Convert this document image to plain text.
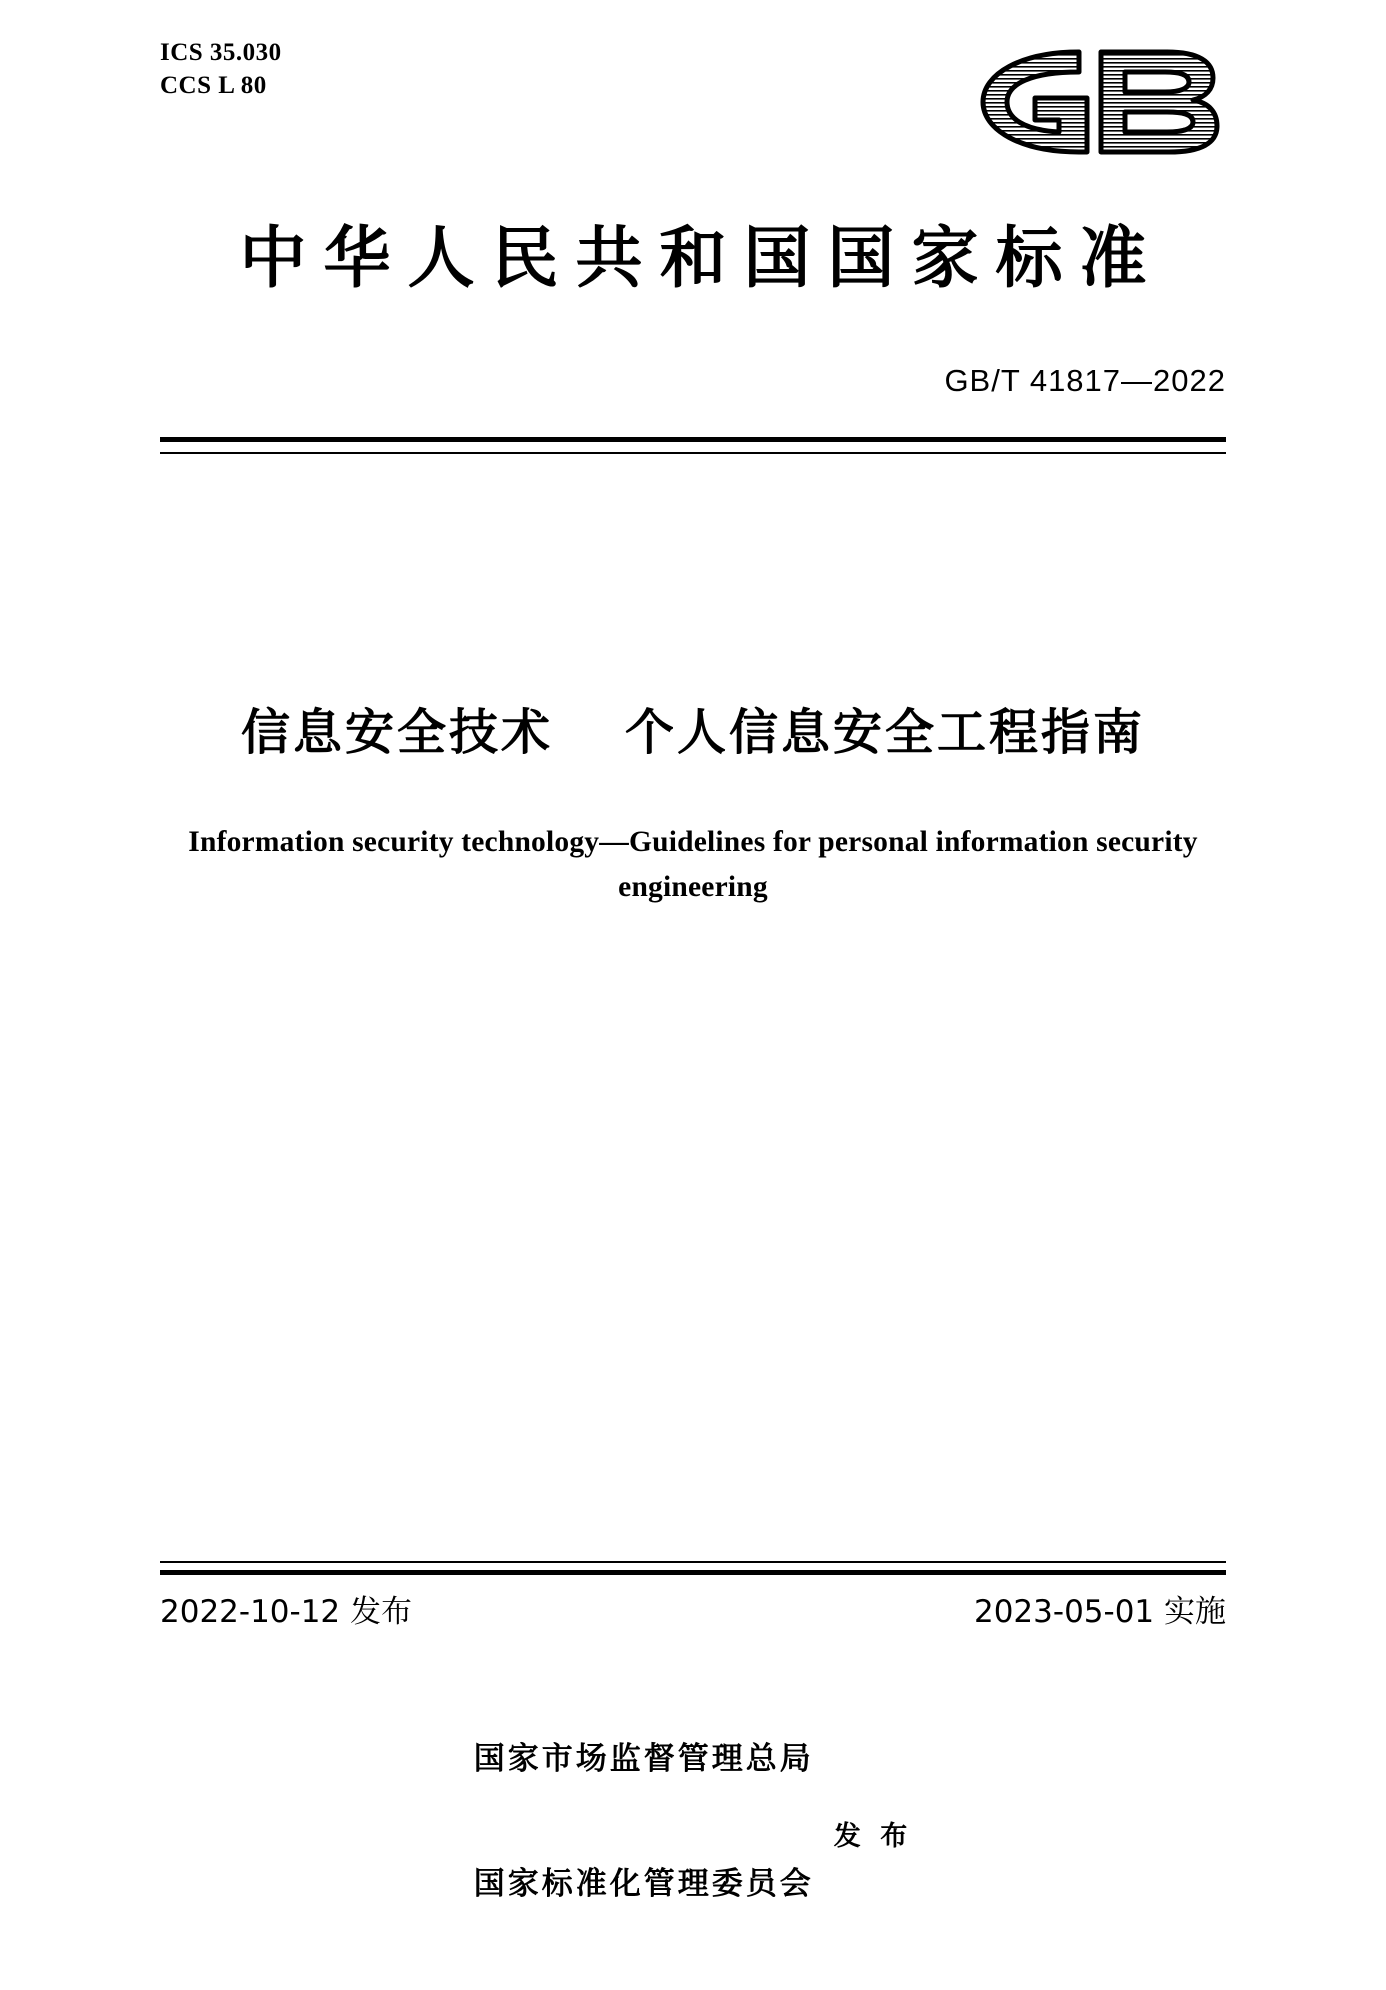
ICS 35.030
CCS L 80
中华人民共和国国家标准
GB/T 41817—2022
信息安全技术　 个人信息安全工程指南
Information security technology—Guidelines for personal information security
engineering
2022-10-12 发布	2023-05-01 实施

国家市场监督管理总局

国家标准化管理委员会

发 布
